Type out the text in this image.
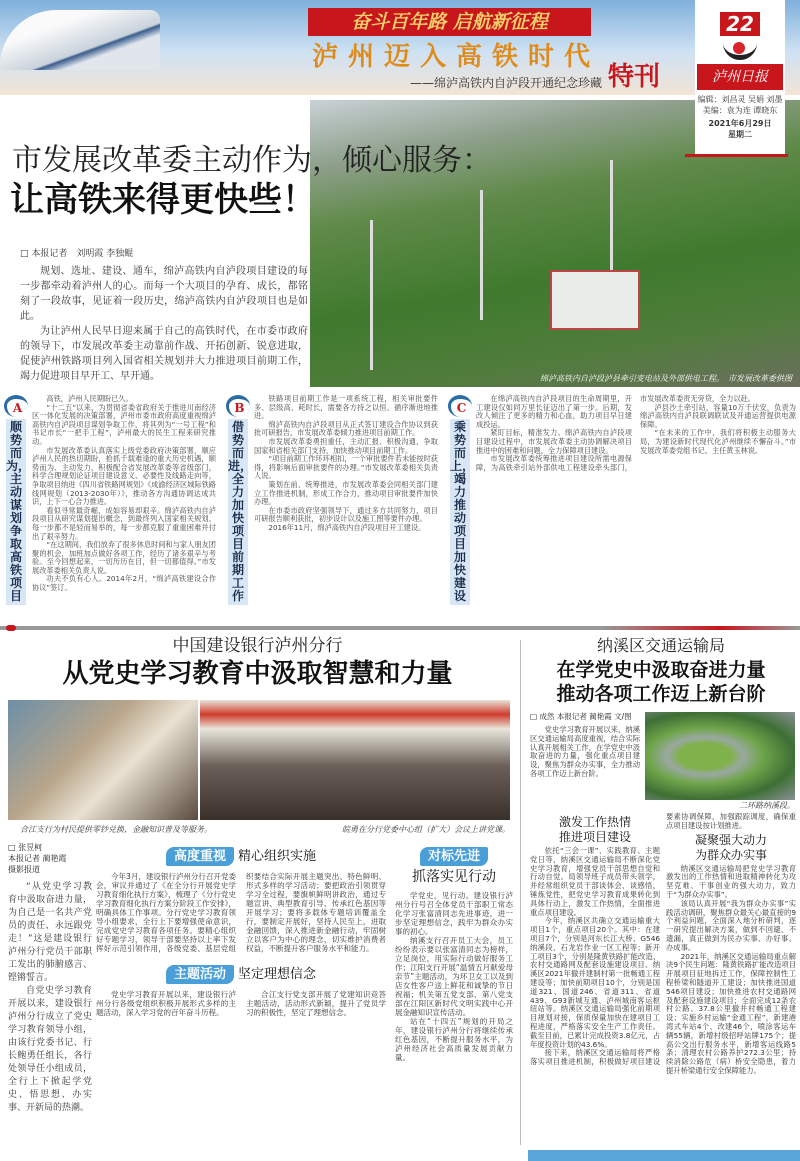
奋斗百年路 启航新征程
泸州迈入高铁时代
——绵泸高铁内自泸段开通纪念珍藏 特刊
绵泸高铁内自泸段泸县牵引变电站及外部供电工程。　市发展改革委供图
22
泸州日报
编辑：刘昌灵 吴娟 刘墨
美编：袁为连 谭晓东
2021年6月29日
星期二
市发展改革委主动作为，倾心服务：
让高铁来得更快些！
□ 本报记者　刘明霞 李独鲲

规划、选址、建设、通车，绵泸高铁内自泸段项目建设的每一步都牵动着泸州人的心。而每一个大项目的孕育、成长，都铭刻了一段故事，见证着一段历史，绵泸高铁内自泸段项目也是如此。

为让泸州人民早日迎来属于自己的高铁时代，在市委市政府的领导下，市发展改革委主动靠前作战、开拓创新、锐意进取，促使泸州铁路项目列入国省相关规划并大力推进项目前期工作，竭力促进项目早开工、早开通。

A
顺势而为，主动谋划争取高铁项目

高铁，泸州人民期盼已久。

“十二五”以来，为贯彻省委省政府关于推进川南经济区一体化发展的决策部署，泸州市委市政府高度重视绵泸高铁内自泸段项目谋划争取工作，将其列为“一号工程”和书记市长“一把手工程”，泸州最大的民生工程来研究推动。

市发展改革委认真落实上级党委政府决策部署，顺应泸州人民的热切期盼，抢抓千载难逢的重大历史机遇，顺势而为、主动发力，积极配合省发展改革委等省级部门，科学合理规划论证项目建设意义、必要性及线路走向等，争取项目纳进《四川省铁路网规划》《成渝经济区城际铁路线网规划（2013-2030年）》，推动各方沟通协调达成共识，上下一心合力推进。

看似寻常最奇崛，成如容易却艰辛。绵泸高铁内自泸段项目从研究谋划提出概念，到最终列入国家相关规划，每一步都不是轻而易举的，每一步都克服了重重困难并付出了艰辛努力。

“在这期间，我们放弃了很多休息时间和与家人朋友团聚的机会，加班加点做好各项工作，经历了诸多艰辛与考验。至今回想起来，一切历历在目，但一切都值得。”市发展改革委相关负责人说。

功夫不负有心人。2014年2月，“绵泸高铁建设合作协议”签订。

B
借势而进，全力加快项目前期工作

铁路项目前期工作是一项系统工程，相关审批要件多、层级高、耗时长，需要各方持之以恒、循序渐进地推进。

绵泸高铁内自泸段项目从正式签订建设合作协议到获批可研报告，市发展改革委倾力推进项目前期工作。

市发展改革委勇担重任，主动汇报、积极沟通，争取国家和省相关部门支持，加快推动项目前期工作。

“项目前期工作环环相扣，一个审批要件若未能按时获得，将影响后面审批要件的办理。”市发展改革委相关负责人说。

策划在前、统筹推进，市发展改革委会同相关部门建立工作推进机制，形成工作合力，推动项目审批要件加快办理。

在市委市政府坚强领导下，通过多方共同努力，项目可研报告顺利获批，初步设计以及施工图等要件办理。

2016年11月，绵泸高铁内自泸段项目开工建设。

C
乘势而上，竭力推动项目加快建设

在绵泸高铁内自泸段项目的生命周期里，开工建设仅如同万里长征迈出了第一步。后期，发改人倾注了更多的精力和心血，助力项目早日建成投运。

紧盯目标，精准发力。绵泸高铁内自泸段项目建设过程中，市发展改革委主动协调解决项目推进中的困难和问题，全力保障项目建设。

市发展改革委统筹推进项目建设所需电源保障，为高铁牵引站外部供电工程建设牵头部门，市发展改革委责无旁贷，全力以赴。

泸县沙土牵引站，容量10万千伏安，负责为绵泸高铁内自泸段联调联试及开通运营提供电源保障。

“在未来的工作中，我们将积极主动服务大局，为建设新时代现代化泸州继续不懈奋斗。”市发展改革委党组书记、主任黄玉林说。

中国建设银行泸州分行
从党史学习教育中汲取智慧和力量
合江支行为村民提供零钞兑换、金融知识普及等服务。	皖勇在分行党委中心组（扩大）会议上讲党课。
□ 张昱柯
本报记者 蔺艳霞
摄影报道

“从党史学习教育中汲取奋进力量，为自己是一名共产党员的责任、永远跟党走！”这是建设银行泸州分行党员干部职工发出的肺腑感言、铿锵誓言。

自党史学习教育开展以来，建设银行泸州分行成立了党史学习教育领导小组，由该行党委书记、行长鲍勇任组长，各行处领导任小组成员，全行上下掀起学党史、悟思想、办实事、开新局的热潮。

高度重视 精心组织实施

今年3月，建设银行泸州分行召开党委会，审议并通过了《在全分行开展党史学习教育细化执行方案》，梳理了《分行党史学习教育细化执行方案分阶段工作安排》，明确具体工作事项。分行党史学习教育领导小组要求，全行上下要增强使命意识，完成党史学习教育各项任务。要精心组织好专题学习，领导干部要坚持以上率下发挥好示范引领作用，各级党委、基层党组织要结合实际开展主题突出、特色鲜明、形式多样的学习活动；要把政治引领贯穿学习全过程，要旗帜鲜明讲政治，通过专题宣讲、典型教育引导、传承红色基因等开展学习；要将多载体专题培训覆盖全行，要制定开展好，坚持人民至上，进取金融回馈，深入推进新金融行动，牢固树立以客户为中心的理念，切实维护消费者权益，不断提升客户服务水平和能力。

主题活动 坚定理想信念

党史学习教育开展以来，建设银行泸州分行各级党组织积极开展形式多样的主题活动，深入学习党的百年奋斗历程。

合江支行党支部开展了党建知识竞答主题活动，活动形式新颖，提升了党员学习的积极性，坚定了理想信念。

对标先进
抓落实见行动

学党史，见行动。建设银行泸州分行号召全体党员干部职工常态化学习张富清同志先进事迹，进一步坚定理想信念，践牢为群众办实事的初心。

纳溪支行召开员工大会，员工纷纷表示要以张富清同志为榜样，立足岗位，用实际行动做好服务工作；江阳支行开展“温情五月献爱母亲节”主题活动，为环卫女工以及到店女性客户送上鲜花和诚挚的节日祝福；机关第五党支部、第八党支部在江阳区新时代文明实践中心开展金融知识宣传活动。

站在“十四五”规划的开局之年，建设银行泸州分行将继续传承红色基因，不断提升服务水平，为泸州经济社会高质量发展贡献力量。

纳溪区交通运输局
在学党史中汲取奋进力量
推动各项工作迈上新台阶
□ 成然 本报记者 蔺艳霞 文/图

党史学习教育开展以来，纳溪区交通运输局高度重视，结合实际认真开展相关工作，在学党史中汲取奋进的力量，强化重点项目建设，聚焦为群众办实事，全力推动各项工作迈上新台阶。

二环路纳溪段。
激发工作热情
推进项目建设

依托“三会一课”、实践教育、主题党日等，纳溪区交通运输局不断深化党史学习教育，增强党员干部思想自觉和行动自觉。局领导班子成员带头领学，并经常组织党员干部谈体会、谈感悟，锤炼党性，把党史学习教育成果转化到具体行动上，激发工作热情，全面推进重点项目建设。

今年，纳溪区共确立交通运输重大项目1个，重点项目20个。其中：在建项目7个，分别是河东长江大桥、G546纳溪段、石龙岩作业一区工程等；新开工项目3个，分别是隆黄铁路扩能改造、农村交通路网及配套设施建设项目、纳溪区2021年撤并建制村第一批畅通工程建设等；加快前期项目10个，分别是国道321、国道246、省道311、省道439、G93新城互通、泸州城南客运枢纽站等。纳溪区交通运输局强化前期项目规划对接，保质保量加快在建项目工程进度，严格落实安全生产工作责任。截至目前，已累计完成投资3.8亿元，占年度投资计划的43.6%。

接下来，纳溪区交通运输局将严格落实项目推进机制，积极做好项目建设要素协调保障，加强跟踪调度，确保重点项目建设按计划推进。

凝聚强大动力
为群众办实事

纳溪区交通运输局把党史学习教育激发出的工作热情和进取精神转化为攻坚克难、干事创业的强大动力，致力于“为群众办实事”。

该局认真开展“我为群众办实事”实践活动调研，聚焦群众最关心最直接的9个利益问题，全面深入地分析研判，逐一研究提出解决方案，做到不回避、不遗漏，真正做到为民办实事、办好事、办成事。

2021年，纳溪区交通运输局重点解决9个民生问题：隆黄铁路扩能改造项目开展项目征地拆迁工作，保障控制性工程桥梁和隧道开工建设；加快推进国道546项目建设；加快推进农村交通路网及配套设施建设项目；全面完成12条农村公路、37.8公里撤并村畅通工程建设；实施乡村运输“金通工程”，新建港湾式车站4个、改建46个，喷涂客运车辆55辆，新增村级招呼站牌175个；提高公交出行服务水平，新增客运线路5条；清理农村公路养护272.3公里；持续消除公路危（病）桥安全隐患，着力提升桥梁通行安全保障能力。
